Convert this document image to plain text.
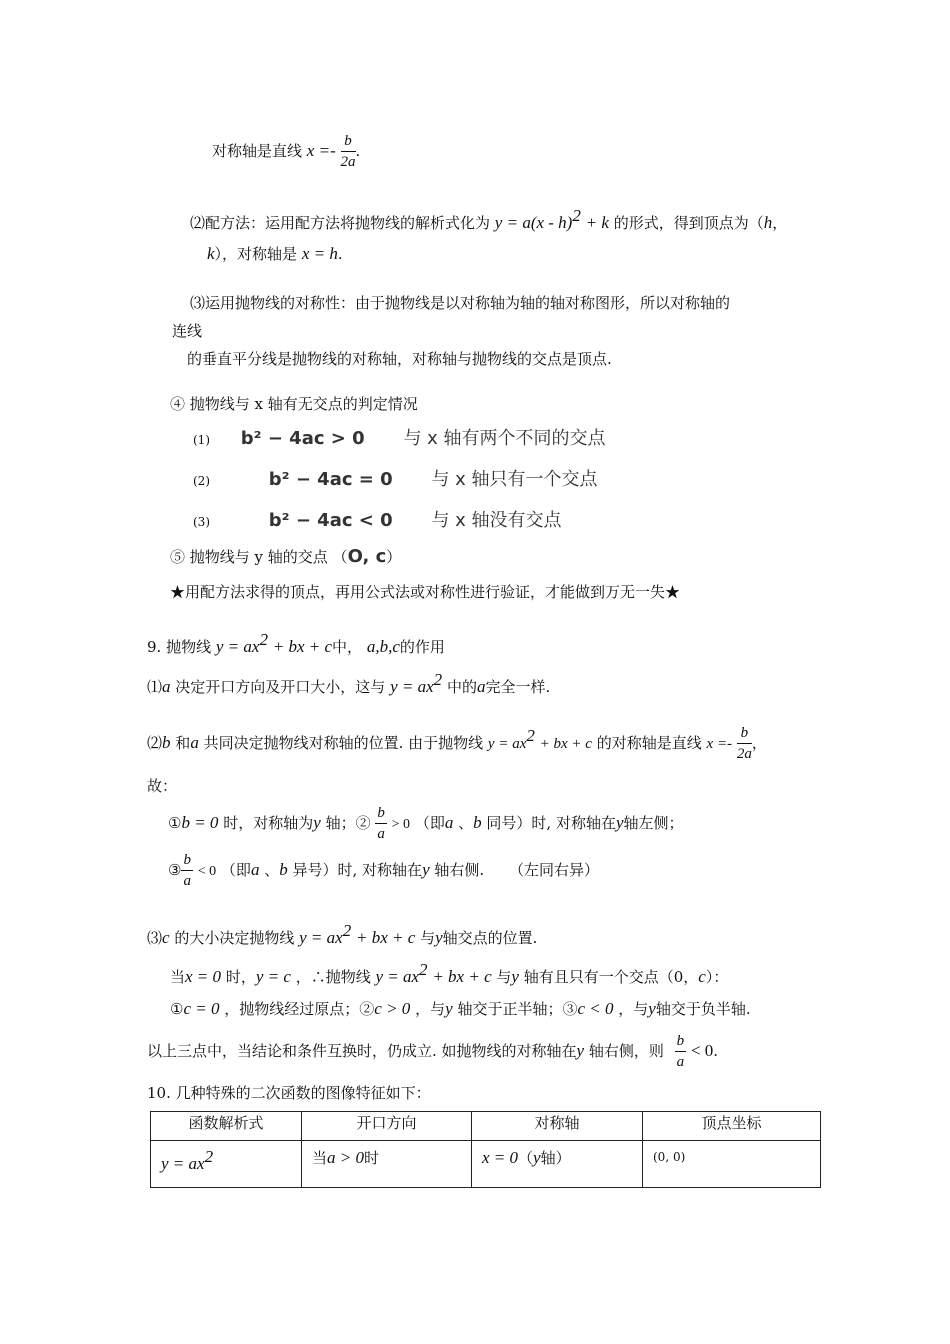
对称轴是直线 $x =- \frac{b}{2a}$ .
⑵配方法：运用配方法将抛物线的解析式化为 y = a(x - h)$^2$ + k 的形式，得到顶点为（h，
k），对称轴是 x = h.
⑶运用抛物线的对称性：由于抛物线是以对称轴为轴的轴对称图形，所以对称轴的
连线
的垂直平分线是抛物线的对称轴，对称轴与抛物线的交点是顶点.
④ 抛物线与 x 轴有无交点的判定情况
(1) b² − 4ac > 0 与 x 轴有两个不同的交点
(2)	b² − 4ac = 0 与 x 轴只有一个交点
(3)	b² − 4ac < 0 与 x 轴没有交点
⑤ 抛物线与 y 轴的交点 （O, c）
★用配方法求得的顶点，再用公式法或对称性进行验证，才能做到万无一失★
9. 抛物线 $y = ax^2$ + bx + c中， a,b,c的作用
⑴a 决定开口方向及开口大小，这与 $y = ax^2$ 中的a完全一样.
⑵b 和a 共同决定抛物线对称轴的位置. 由于抛物线 $y = ax^2$ + bx + c 的对称轴是直线 $x =- \frac{b}{2a}$ ，
故：
①b = 0 时，对称轴为y 轴；② $\frac{b}{a} > 0$ （即a 、b 同号）时, 对称轴在y轴左侧；
③ $\frac{b}{a} < 0$ （即a 、b 异号）时, 对称轴在y 轴右侧. （左同右异）
⑶c 的大小决定抛物线 $y = ax^2$ + bx + c 与y轴交点的位置.
当x = 0 时，y = c ，∴抛物线 $y = ax^2$ + bx + c 与y 轴有且只有一个交点（0，c）：
①c = 0 ，抛物线经过原点；②c > 0 ，与y 轴交于正半轴；③c < 0 ，与y轴交于负半轴.
以上三点中，当结论和条件互换时，仍成立. 如抛物线的对称轴在y 轴右侧，则 $\frac{b}{a} < 0$.
10. 几种特殊的二次函数的图像特征如下：
函数解析式	开口方向	对称轴	顶点坐标
$y = ax^2$	当a > 0时	x = 0（y轴）	(0, 0)
